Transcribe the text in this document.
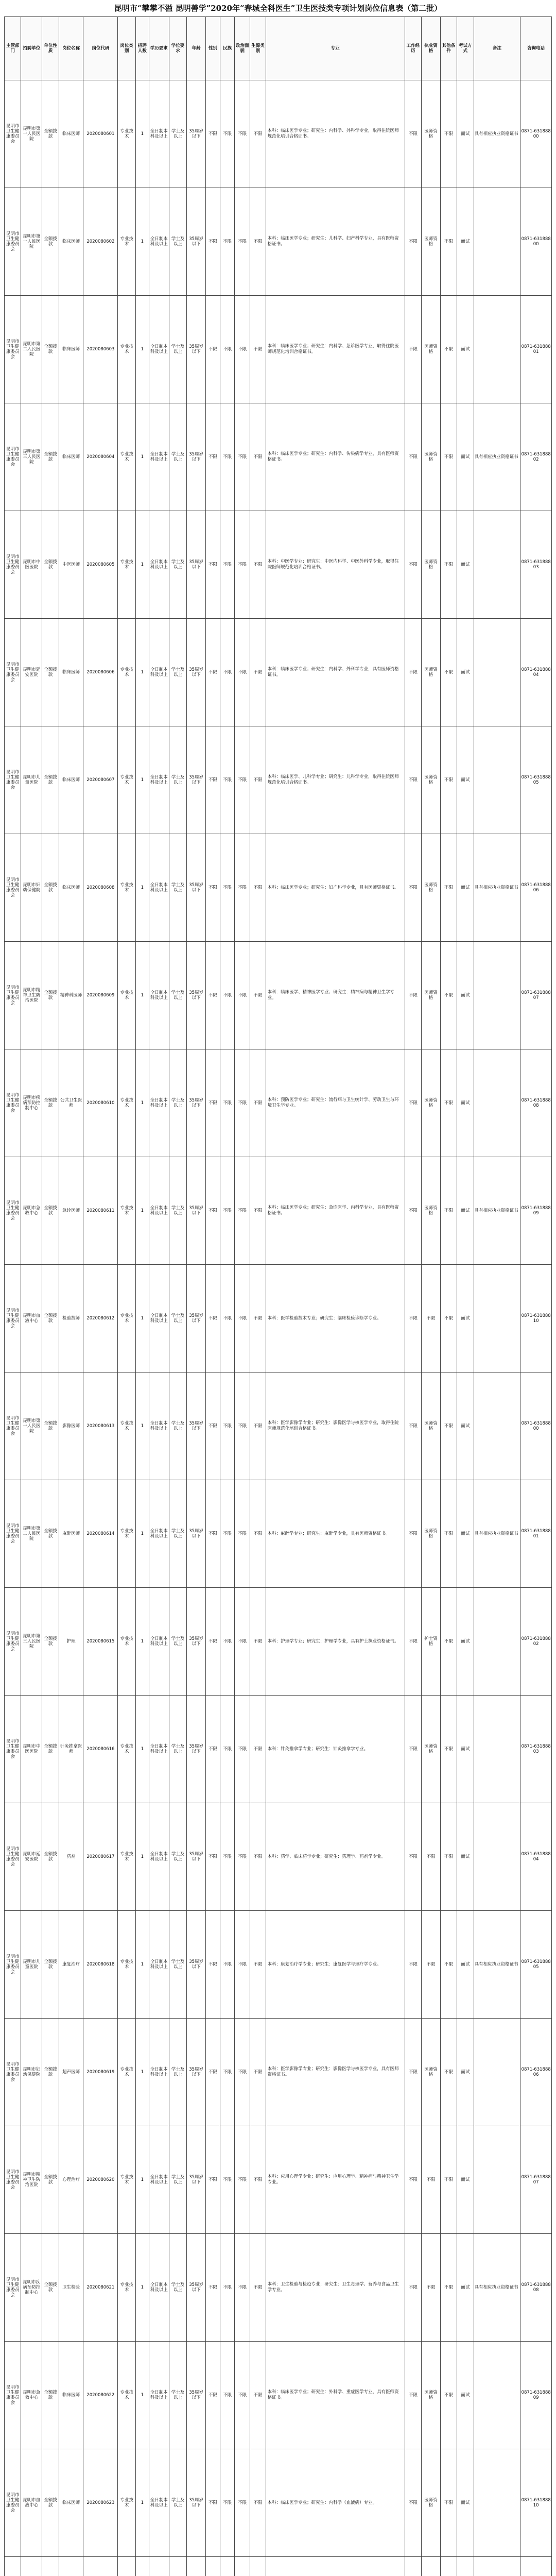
昆明市“攀攀不溢 昆明善学”2020年“春城全科医生”卫生医技类专项计划岗位信息表（第二批）
主管部门	招聘单位	单位性质	岗位名称	岗位代码	岗位类别	招聘人数	学历要求	学位要求	年龄	性别	民族	政治面貌	生源类别	专业	工作经历	执业资格	其他条件	考试方式	备注	咨询电话
昆明市卫生健康委员会	昆明市第一人民医院	全额拨款	临床医师	2020080601	专业技术	1	全日制本科及以上	学士及以上	35周岁以下	不限	不限	不限	不限	本科：临床医学专业；研究生：内科学、外科学专业，取得住院医师规范化培训合格证书。	不限	医师资格	不限	面试	具有相应执业资格证书	0871-63188800
昆明市卫生健康委员会	昆明市第一人民医院	全额拨款	临床医师	2020080602	专业技术	1	全日制本科及以上	学士及以上	35周岁以下	不限	不限	不限	不限	本科：临床医学专业；研究生：儿科学、妇产科学专业，具有医师资格证书。	不限	医师资格	不限	面试		0871-63188800
昆明市卫生健康委员会	昆明市第二人民医院	全额拨款	临床医师	2020080603	专业技术	1	全日制本科及以上	学士及以上	35周岁以下	不限	不限	不限	不限	本科：临床医学专业；研究生：内科学、急诊医学专业，取得住院医师规范化培训合格证书。	不限	医师资格	不限	面试		0871-63188801
昆明市卫生健康委员会	昆明市第三人民医院	全额拨款	临床医师	2020080604	专业技术	1	全日制本科及以上	学士及以上	35周岁以下	不限	不限	不限	不限	本科：临床医学专业；研究生：内科学、传染病学专业，具有医师资格证书。	不限	医师资格	不限	面试	具有相应执业资格证书	0871-63188802
昆明市卫生健康委员会	昆明市中医医院	全额拨款	中医医师	2020080605	专业技术	1	全日制本科及以上	学士及以上	35周岁以下	不限	不限	不限	不限	本科：中医学专业；研究生：中医内科学、中医外科学专业，取得住院医师规范化培训合格证书。	不限	医师资格	不限	面试		0871-63188803
昆明市卫生健康委员会	昆明市延安医院	全额拨款	临床医师	2020080606	专业技术	1	全日制本科及以上	学士及以上	35周岁以下	不限	不限	不限	不限	本科：临床医学专业；研究生：内科学、外科学专业，具有医师资格证书。	不限	医师资格	不限	面试		0871-63188804
昆明市卫生健康委员会	昆明市儿童医院	全额拨款	临床医师	2020080607	专业技术	1	全日制本科及以上	学士及以上	35周岁以下	不限	不限	不限	不限	本科：临床医学、儿科学专业；研究生：儿科学专业，取得住院医师规范化培训合格证书。	不限	医师资格	不限	面试		0871-63188805
昆明市卫生健康委员会	昆明市妇幼保健院	全额拨款	临床医师	2020080608	专业技术	1	全日制本科及以上	学士及以上	35周岁以下	不限	不限	不限	不限	本科：临床医学专业；研究生：妇产科学专业，具有医师资格证书。	不限	医师资格	不限	面试	具有相应执业资格证书	0871-63188806
昆明市卫生健康委员会	昆明市精神卫生防治医院	全额拨款	精神科医师	2020080609	专业技术	1	全日制本科及以上	学士及以上	35周岁以下	不限	不限	不限	不限	本科：临床医学、精神医学专业；研究生：精神病与精神卫生学专业。	不限	医师资格	不限	面试		0871-63188807
昆明市卫生健康委员会	昆明市疾病预防控制中心	全额拨款	公共卫生医师	2020080610	专业技术	1	全日制本科及以上	学士及以上	35周岁以下	不限	不限	不限	不限	本科：预防医学专业；研究生：流行病与卫生统计学、劳动卫生与环境卫生学专业。	不限	医师资格	不限	面试		0871-63188808
昆明市卫生健康委员会	昆明市急救中心	全额拨款	急诊医师	2020080611	专业技术	1	全日制本科及以上	学士及以上	35周岁以下	不限	不限	不限	不限	本科：临床医学专业；研究生：急诊医学、内科学专业，具有医师资格证书。	不限	医师资格	不限	面试	具有相应执业资格证书	0871-63188809
昆明市卫生健康委员会	昆明市血液中心	全额拨款	检验技师	2020080612	专业技术	1	全日制本科及以上	学士及以上	35周岁以下	不限	不限	不限	不限	本科：医学检验技术专业；研究生：临床检验诊断学专业。	不限	不限	不限	面试		0871-63188810
昆明市卫生健康委员会	昆明市第一人民医院	全额拨款	影像医师	2020080613	专业技术	1	全日制本科及以上	学士及以上	35周岁以下	不限	不限	不限	不限	本科：医学影像学专业；研究生：影像医学与核医学专业，取得住院医师规范化培训合格证书。	不限	医师资格	不限	面试		0871-63188800
昆明市卫生健康委员会	昆明市第二人民医院	全额拨款	麻醉医师	2020080614	专业技术	1	全日制本科及以上	学士及以上	35周岁以下	不限	不限	不限	不限	本科：麻醉学专业；研究生：麻醉学专业，具有医师资格证书。	不限	医师资格	不限	面试	具有相应执业资格证书	0871-63188801
昆明市卫生健康委员会	昆明市第三人民医院	全额拨款	护理	2020080615	专业技术	1	全日制本科及以上	学士及以上	35周岁以下	不限	不限	不限	不限	本科：护理学专业；研究生：护理学专业，具有护士执业资格证书。	不限	护士资格	不限	面试		0871-63188802
昆明市卫生健康委员会	昆明市中医医院	全额拨款	针灸推拿医师	2020080616	专业技术	1	全日制本科及以上	学士及以上	35周岁以下	不限	不限	不限	不限	本科：针灸推拿学专业；研究生：针灸推拿学专业。	不限	医师资格	不限	面试		0871-63188803
昆明市卫生健康委员会	昆明市延安医院	全额拨款	药剂	2020080617	专业技术	1	全日制本科及以上	学士及以上	35周岁以下	不限	不限	不限	不限	本科：药学、临床药学专业；研究生：药理学、药剂学专业。	不限	不限	不限	面试		0871-63188804
昆明市卫生健康委员会	昆明市儿童医院	全额拨款	康复治疗	2020080618	专业技术	1	全日制本科及以上	学士及以上	35周岁以下	不限	不限	不限	不限	本科：康复治疗学专业；研究生：康复医学与理疗学专业。	不限	不限	不限	面试	具有相应执业资格证书	0871-63188805
昆明市卫生健康委员会	昆明市妇幼保健院	全额拨款	超声医师	2020080619	专业技术	1	全日制本科及以上	学士及以上	35周岁以下	不限	不限	不限	不限	本科：医学影像学专业；研究生：影像医学与核医学专业，具有医师资格证书。	不限	医师资格	不限	面试		0871-63188806
昆明市卫生健康委员会	昆明市精神卫生防治医院	全额拨款	心理治疗	2020080620	专业技术	1	全日制本科及以上	学士及以上	35周岁以下	不限	不限	不限	不限	本科：应用心理学专业；研究生：应用心理学、精神病与精神卫生学专业。	不限	不限	不限	面试		0871-63188807
昆明市卫生健康委员会	昆明市疾病预防控制中心	全额拨款	卫生检验	2020080621	专业技术	1	全日制本科及以上	学士及以上	35周岁以下	不限	不限	不限	不限	本科：卫生检验与检疫专业；研究生：卫生毒理学、营养与食品卫生学专业。	不限	不限	不限	面试	具有相应执业资格证书	0871-63188808
昆明市卫生健康委员会	昆明市急救中心	全额拨款	临床医师	2020080622	专业技术	1	全日制本科及以上	学士及以上	35周岁以下	不限	不限	不限	不限	本科：临床医学专业；研究生：外科学、重症医学专业，具有医师资格证书。	不限	医师资格	不限	面试		0871-63188809
昆明市卫生健康委员会	昆明市血液中心	全额拨款	临床医师	2020080623	专业技术	1	全日制本科及以上	学士及以上	35周岁以下	不限	不限	不限	不限	本科：临床医学专业；研究生：内科学（血液病）专业。	不限	医师资格	不限	面试		0871-63188810
